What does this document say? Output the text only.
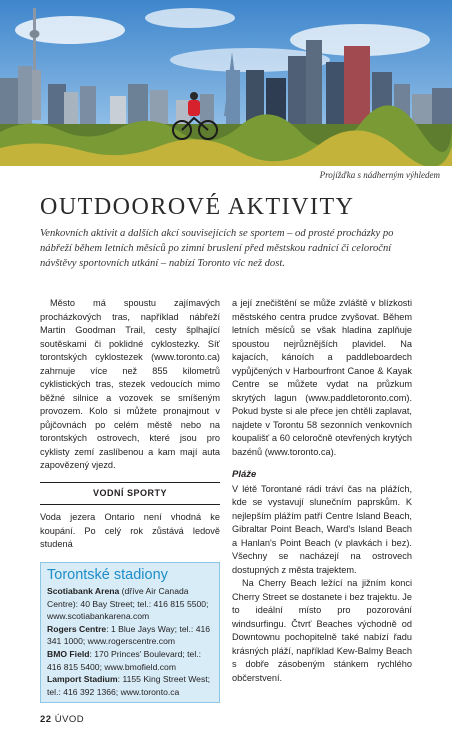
Projížďka s nádherným výhledem
OUTDOOROVÉ AKTIVITY

Venkovních aktivit a dalších akcí souvisejících se sportem – od prosté procházky po nábřeží během letních měsíců po zimní bruslení před městskou radnicí či celoroční návštěvy sportovních utkání – nabízí Toronto víc než dost.

Město má spoustu zajímavých procházkových tras, například nábřeží Martin Goodman Trail, cesty šplhající soutěskami či poklidné cyklostezky. Síť torontských cyklostezek (www.toronto.ca) zahrnuje více než 855 kilometrů cyklistických tras, stezek vedoucích mimo běžné silnice a vozovek se smíšeným provozem. Kolo si můžete pronajmout v půjčovnách po celém městě nebo na torontských ostrovech, které jsou pro cyklisty zemí zaslíbenou a kam mají auta zapovězený vjezd.

VODNÍ SPORTY

Voda jezera Ontario není vhodná ke koupání. Po celý rok zůstává ledově studená

Torontské stadiony

Scotiabank Arena (dříve Air Canada Centre): 40 Bay Street; tel.: 416 815 5500; www.scotiabankarena.com

Rogers Centre: 1 Blue Jays Way; tel.: 416 341 1000; www.rogerscentre.com

BMO Field: 170 Princes' Boulevard; tel.: 416 815 5400; www.bmofield.com

Lamport Stadium: 1155 King Street West; tel.: 416 392 1366; www.toronto.ca

a její znečištění se může zvláště v blízkosti městského centra prudce zvyšovat. Během letních měsíců se však hladina zaplňuje spoustou nejrůznějších plavidel. Na kajacích, kánoích a paddleboardech vypůjčených v Harbourfront Canoe & Kayak Centre se můžete vydat na průzkum skrytých lagun (www.paddletoronto.com). Pokud byste si ale přece jen chtěli zaplavat, najdete v Torontu 58 sezonních venkovních koupališť a 60 celoročně otevřených krytých bazénů (www.toronto.ca).

Pláže

V létě Torontané rádi tráví čas na plážích, kde se vystavují slunečním paprskům. K nejlepším plážím patří Centre Island Beach, Gibraltar Point Beach, Ward's Island Beach a Hanlan's Point Beach (v plavkách i bez). Všechny se nacházejí na ostrovech dostupných z města trajektem.

Na Cherry Beach ležící na jižním konci Cherry Street se dostanete i bez trajektu. Je to ideální místo pro pozorování windsurfingu. Čtvrť Beaches východně od Downtownu pochopitelně také nabízí řadu krásných pláží, například Kew-Balmy Beach s dobře zásobeným stánkem rychlého občerstvení.

22 ÚVOD
